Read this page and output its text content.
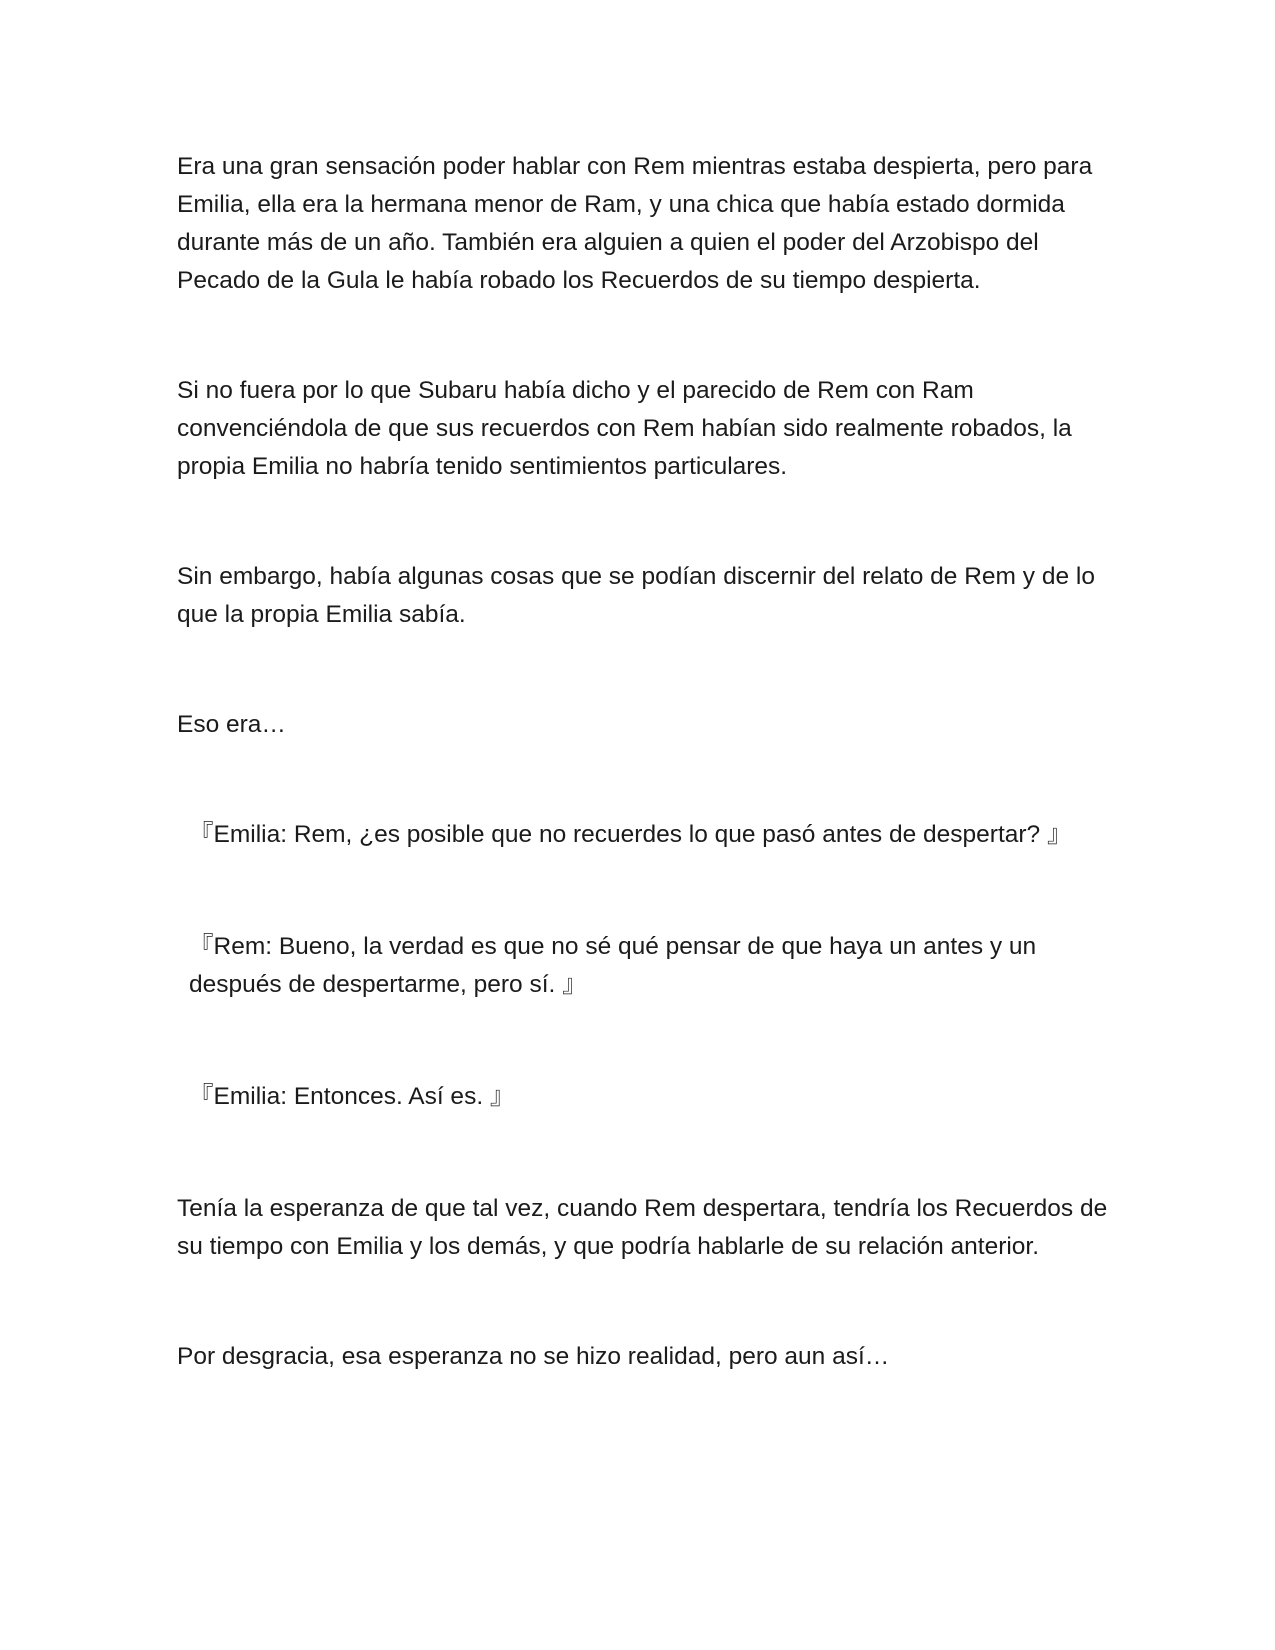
Era una gran sensación poder hablar con Rem mientras estaba despierta, pero para Emilia, ella era la hermana menor de Ram, y una chica que había estado dormida durante más de un año. También era alguien a quien el poder del Arzobispo del Pecado de la Gula le había robado los Recuerdos de su tiempo despierta.

Si no fuera por lo que Subaru había dicho y el parecido de Rem con Ram convenciéndola de que sus recuerdos con Rem habían sido realmente robados, la propia Emilia no habría tenido sentimientos particulares.

Sin embargo, había algunas cosas que se podían discernir del relato de Rem y de lo que la propia Emilia sabía.

Eso era…

『Emilia: Rem, ¿es posible que no recuerdes lo que pasó antes de despertar? 』

『Rem: Bueno, la verdad es que no sé qué pensar de que haya un antes y un después de despertarme, pero sí. 』

『Emilia: Entonces. Así es. 』

Tenía la esperanza de que tal vez, cuando Rem despertara, tendría los Recuerdos de su tiempo con Emilia y los demás, y que podría hablarle de su relación anterior.

Por desgracia, esa esperanza no se hizo realidad, pero aun así…
